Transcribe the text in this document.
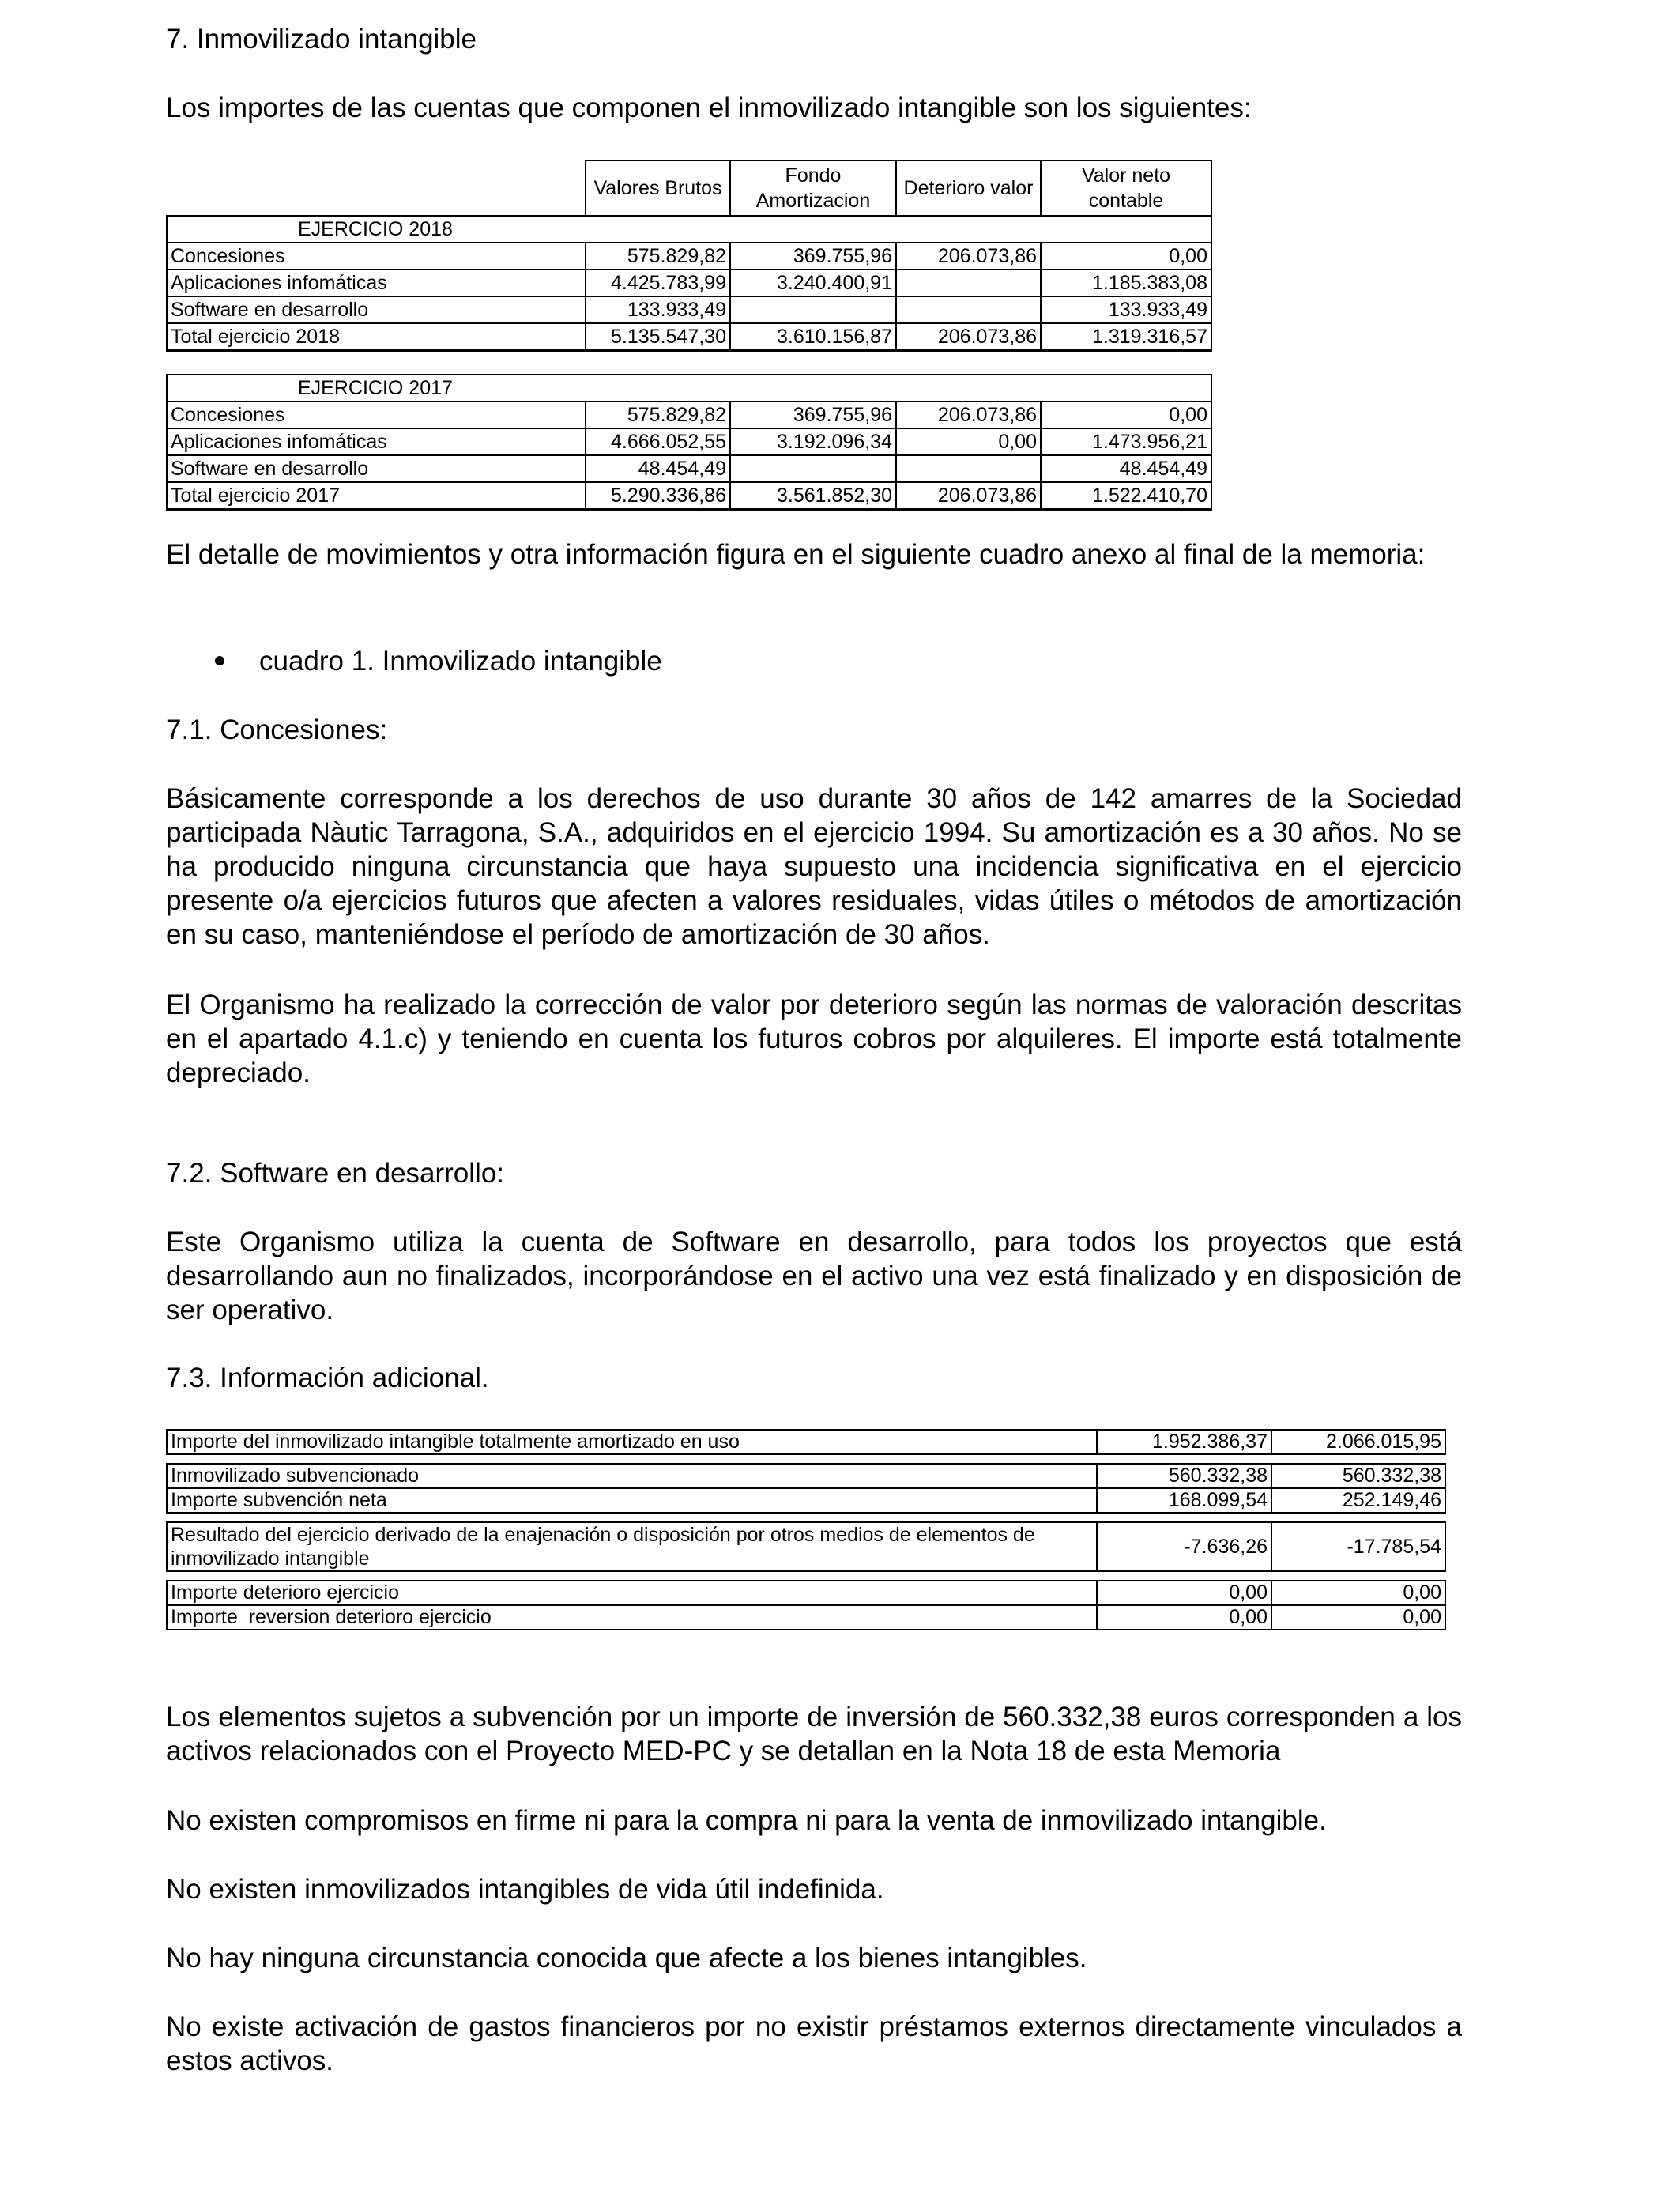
7. Inmovilizado intangible
Los importes de las cuentas que componen el inmovilizado intangible son los siguientes:
	Valores Brutos	Fondo Amortizacion	Deterioro valor	Valor neto contable
EJERCICIO 2018				
Concesiones	575.829,82	369.755,96	206.073,86	0,00
Aplicaciones infomáticas	4.425.783,99	3.240.400,91		1.185.383,08
Software en desarrollo	133.933,49			133.933,49
Total ejercicio 2018	5.135.547,30	3.610.156,87	206.073,86	1.319.316,57

EJERCICIO 2017				
Concesiones	575.829,82	369.755,96	206.073,86	0,00
Aplicaciones infomáticas	4.666.052,55	3.192.096,34	0,00	1.473.956,21
Software en desarrollo	48.454,49			48.454,49
Total ejercicio 2017	5.290.336,86	3.561.852,30	206.073,86	1.522.410,70
El detalle de movimientos y otra información figura en el siguiente cuadro anexo al final de la memoria:
cuadro 1. Inmovilizado intangible
7.1. Concesiones:
Básicamente corresponde a los derechos de uso durante 30 años de 142 amarres de la Sociedad participada Nàutic Tarragona, S.A., adquiridos en el ejercicio 1994. Su amortización es a 30 años. No se ha producido ninguna circunstancia que haya supuesto una incidencia significativa en el ejercicio presente o/a ejercicios futuros que afecten a valores residuales, vidas útiles o métodos de amortización en su caso, manteniéndose el período de amortización de 30 años.
El Organismo ha realizado la corrección de valor por deterioro según las normas de valoración descritas en el apartado 4.1.c) y teniendo en cuenta los futuros cobros por alquileres. El importe está totalmente depreciado.
7.2. Software en desarrollo:
Este Organismo utiliza la cuenta de Software en desarrollo, para todos los proyectos que está desarrollando aun no finalizados, incorporándose en el activo una vez está finalizado y en disposición de ser operativo.
7.3. Información adicional.
Importe del inmovilizado intangible totalmente amortizado en uso	1.952.386,37	2.066.015,95

Inmovilizado subvencionado	560.332,38	560.332,38
Importe subvención neta	168.099,54	252.149,46

Resultado del ejercicio derivado de la enajenación o disposición por otros medios de elementos de inmovilizado intangible	-7.636,26	-17.785,54

Importe deterioro ejercicio	0,00	0,00
Importe  reversion deterioro ejercicio	0,00	0,00
Los elementos sujetos a subvención por un importe de inversión de 560.332,38 euros corresponden a los activos relacionados con el Proyecto MED-PC y se detallan en la Nota 18 de esta Memoria
No existen compromisos en firme ni para la compra ni para la venta de inmovilizado intangible.
No existen inmovilizados intangibles de vida útil indefinida.
No hay ninguna circunstancia conocida que afecte a los bienes intangibles.
No existe activación de gastos financieros por no existir préstamos externos directamente vinculados a estos activos.
